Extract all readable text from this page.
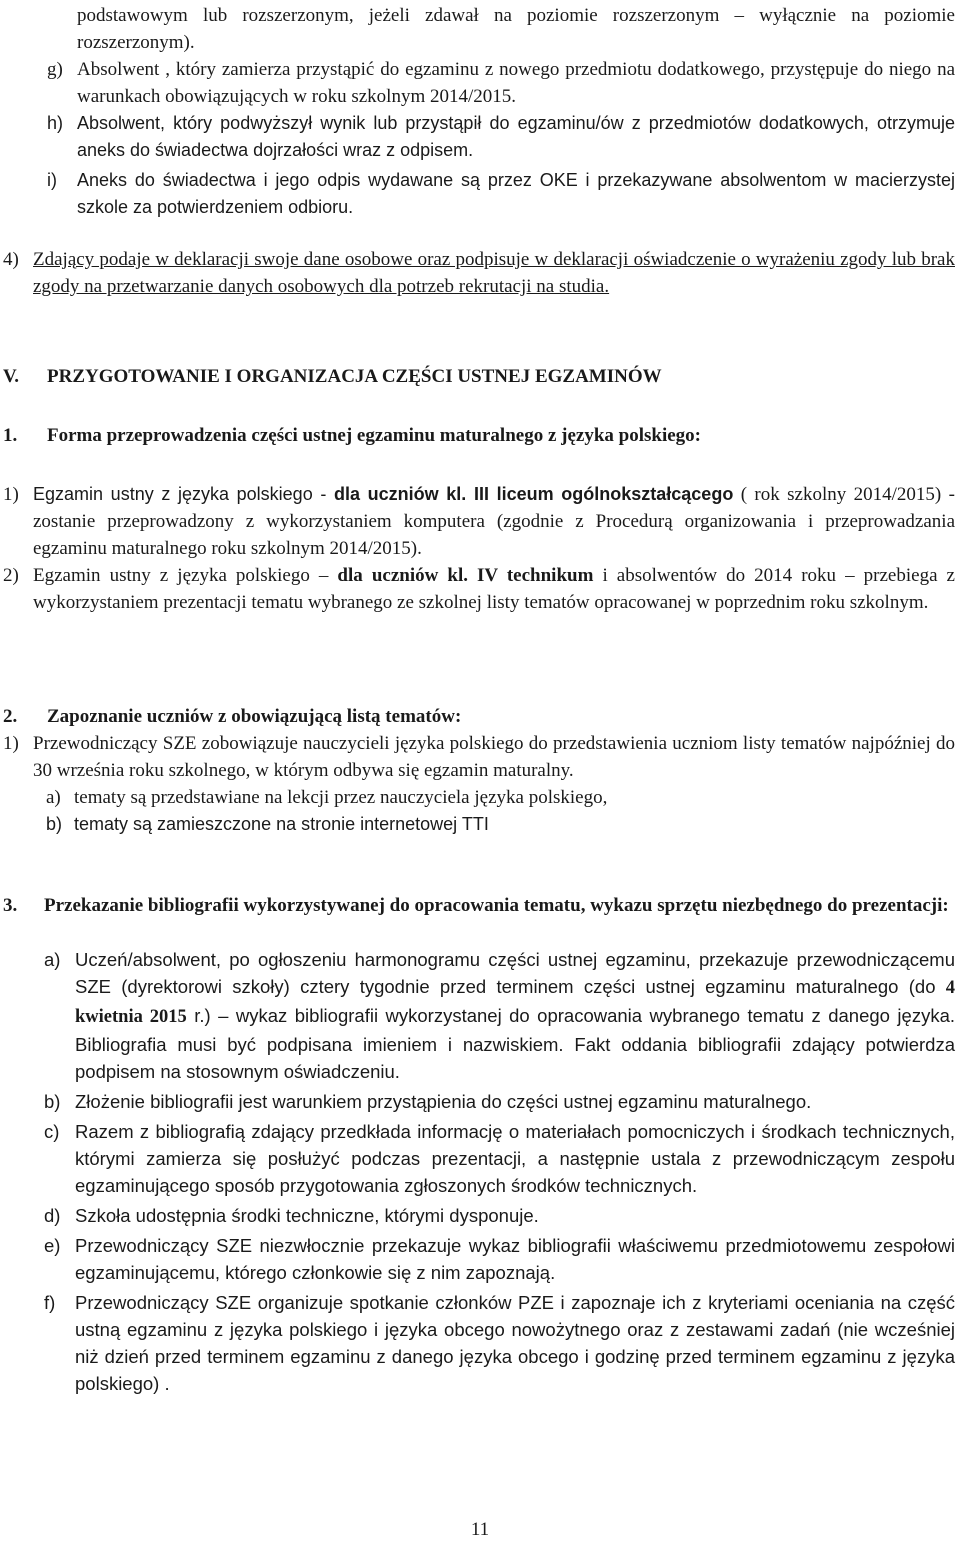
podstawowym lub rozszerzonym, jeżeli zdawał na poziomie rozszerzonym – wyłącznie na poziomie rozszerzonym).

g) Absolwent , który zamierza przystąpić do egzaminu z nowego przedmiotu dodatkowego, przystępuje do niego na warunkach obowiązujących w roku szkolnym 2014/2015.

h) Absolwent, który podwyższył wynik lub przystąpił do egzaminu/ów z przedmiotów dodatkowych, otrzymuje aneks do świadectwa dojrzałości wraz z odpisem.

i) Aneks do świadectwa i jego odpis wydawane są przez OKE i przekazywane absolwentom w macierzystej szkole za potwierdzeniem odbioru.

4) Zdający podaje w deklaracji swoje dane osobowe oraz podpisuje w deklaracji oświadczenie o wyrażeniu zgody lub brak zgody na przetwarzanie danych osobowych dla potrzeb rekrutacji na studia.

V. PRZYGOTOWANIE I ORGANIZACJA CZĘŚCI USTNEJ EGZAMINÓW
1. Forma przeprowadzenia części ustnej egzaminu maturalnego z języka polskiego:
1) Egzamin ustny z języka polskiego - dla uczniów kl. III liceum ogólnokształcącego ( rok szkolny 2014/2015) - zostanie przeprowadzony z wykorzystaniem komputera (zgodnie z Procedurą organizowania i przeprowadzania egzaminu maturalnego roku szkolnym 2014/2015).

2) Egzamin ustny z języka polskiego – dla uczniów kl. IV technikum i absolwentów do 2014 roku – przebiega z wykorzystaniem prezentacji tematu wybranego ze szkolnej listy tematów opracowanej w poprzednim roku szkolnym.

2. Zapoznanie uczniów z obowiązującą listą tematów:
1) Przewodniczący SZE zobowiązuje nauczycieli języka polskiego do przedstawienia uczniom listy tematów najpóźniej do 30 września roku szkolnego, w którym odbywa się egzamin maturalny.

a) tematy są przedstawiane na lekcji przez nauczyciela języka polskiego,

b) tematy są zamieszczone na stronie internetowej TTI

3. Przekazanie bibliografii wykorzystywanej do opracowania tematu, wykazu sprzętu niezbędnego do prezentacji:

a) Uczeń/absolwent, po ogłoszeniu harmonogramu części ustnej egzaminu, przekazuje przewodniczącemu SZE (dyrektorowi szkoły) cztery tygodnie przed terminem części ustnej egzaminu maturalnego (do 4 kwietnia 2015 r.) – wykaz bibliografii wykorzystanej do opracowania wybranego tematu z danego języka. Bibliografia musi być podpisana imieniem i nazwiskiem. Fakt oddania bibliografii zdający potwierdza podpisem na stosownym oświadczeniu.

b) Złożenie bibliografii jest warunkiem przystąpienia do części ustnej egzaminu maturalnego.

c) Razem z bibliografią zdający przedkłada informację o materiałach pomocniczych i środkach technicznych, którymi zamierza się posłużyć podczas prezentacji, a następnie ustala z przewodniczącym zespołu egzaminującego sposób przygotowania zgłoszonych środków technicznych.

d) Szkoła udostępnia środki techniczne, którymi dysponuje.

e) Przewodniczący SZE niezwłocznie przekazuje wykaz bibliografii właściwemu przedmiotowemu zespołowi egzaminującemu, którego członkowie się z nim zapoznają.

f) Przewodniczący SZE organizuje spotkanie członków PZE i zapoznaje ich z kryteriami oceniania na część ustną egzaminu z języka polskiego i języka obcego nowożytnego oraz z zestawami zadań (nie wcześniej niż dzień przed terminem egzaminu z danego języka obcego i godzinę przed terminem egzaminu z języka polskiego) .

11
